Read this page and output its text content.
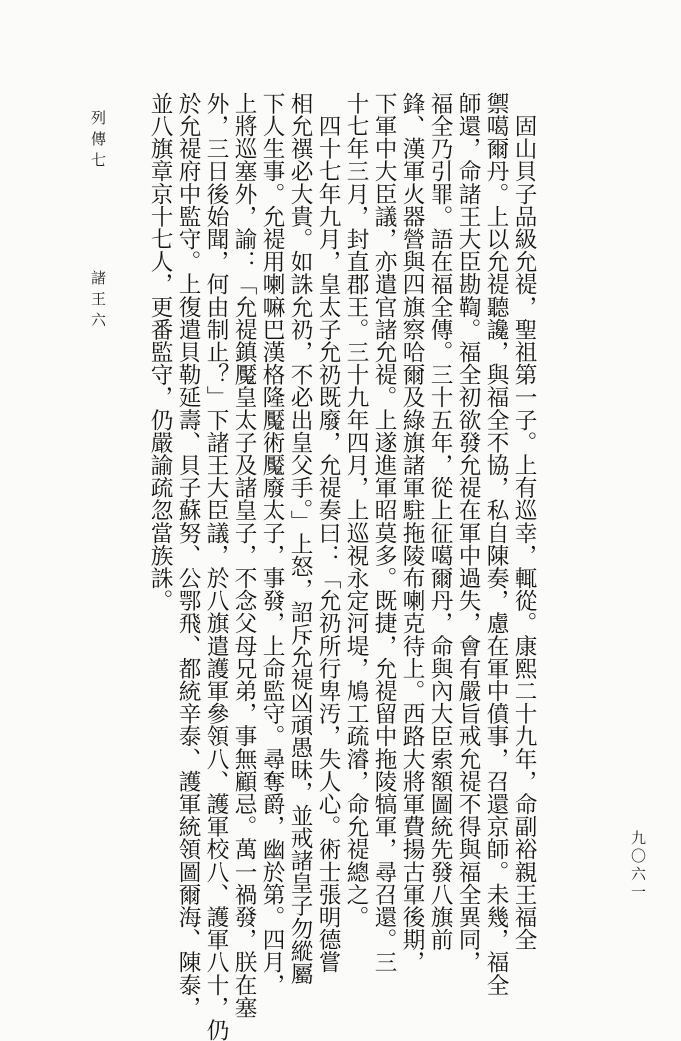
　固山貝子品級允禔，聖祖第一子。上有巡幸，輒從。康熙二十九年，命副裕親王福全
禦噶爾丹。上以允禔聽讒，與福全不協，私自陳奏，慮在軍中僨事，召還京師。未幾，福全
師還，命諸王大臣勘鞫。福全初欲發允禔在軍中過失，會有嚴旨戒允禔不得與福全異同，
福全乃引罪。語在福全傳。三十五年，從上征噶爾丹，命與內大臣索額圖統先發八旗前
鋒、漢軍火器營與四旗察哈爾及綠旗諸軍駐拖陵布喇克待上。西路大將軍費揚古軍後期，
下軍中大臣議，亦遣官諸允禔。上遂進軍昭莫多。既捷，允禔留中拖陵犒軍，尋召還。三
十七年三月，封直郡王。三十九年四月，上巡視永定河堤，鳩工疏濬，命允禔總之。
　四十七年九月，皇太子允礽既廢，允禔奏曰：「允礽所行卑汚，失人心。術士張明德嘗
相允禩必大貴。如誅允礽，不必出皇父手。」上怒，詔斥允禔凶頑愚昧，並戒諸皇子勿縱屬
下人生事。允禔用喇嘛巴漢格隆魘術魘廢太子，事發，上命監守。尋奪爵，幽於第。四月，
上將巡塞外，諭：「允禔鎮魘皇太子及諸皇子，不念父母兄弟，事無顧忌。萬一禍發，朕在塞
外，三日後始聞，何由制止？」下諸王大臣議，於八旗遣護軍參領八、護軍校八、護軍八十，仍
於允禔府中監守。上復遣貝勒延壽、貝子蘇努、公鄂飛、都統辛泰、護軍統領圖爾海、陳泰，
並八旗章京十七人，更番監守，仍嚴諭疏忽當族誅。
列傳七
諸王六
九〇六一
